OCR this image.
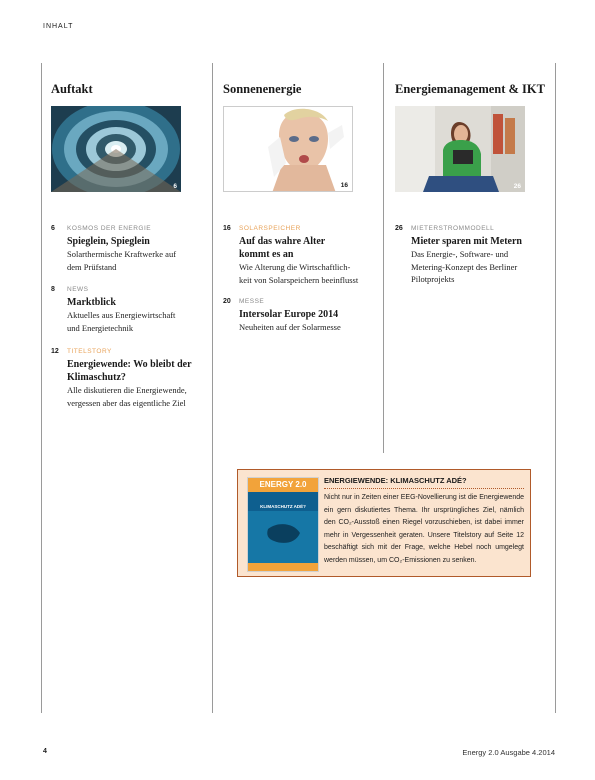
INHALT
Auftakt	Sonnenenergie	Energiemanagement & IKT
6	16	26
6 KOSMOS DER ENERGIE
Spieglein, Spieglein
Solarthermische Kraftwerke auf
dem Prüfstand
8 NEWS
Marktblick
Aktuelles aus Energiewirtschaft
und Energietechnik
12 TITELSTORY
Energiewende: Wo bleibt der Klimaschutz?
Alle diskutieren die Energiewende,
vergessen aber das eigentliche Ziel
16 SOLARSPEICHER
Auf das wahre Alter kommt es an
Wie Alterung die Wirtschaftlich-
keit von Solarspeichern beeinflusst
20 MESSE
Intersolar Europe 2014
Neuheiten auf der Solarmesse
26 MIETERSTROMMODELL
Mieter sparen mit Metern
Das Energie-, Software- und
Metering-Konzept des Berliner
Pilotprojekts
ENERGY 2.0
KLIMASCHUTZ ADÉ?
ENERGIEWENDE: KLIMASCHUTZ ADÉ?
Nicht nur in Zeiten einer EEG-Novellierung ist die Energiewende ein gern diskutiertes Thema. Ihr ursprüngliches Ziel, nämlich den CO₂-Ausstoß einen Riegel vorzuschieben, ist dabei immer mehr in Vergessenheit geraten. Unsere Titelstory auf Seite 12 beschäftigt sich mit der Frage, welche Hebel noch umgelegt werden müssen, um CO₂-Emissionen zu senken.
4	Energy 2.0 Ausgabe 4.2014
